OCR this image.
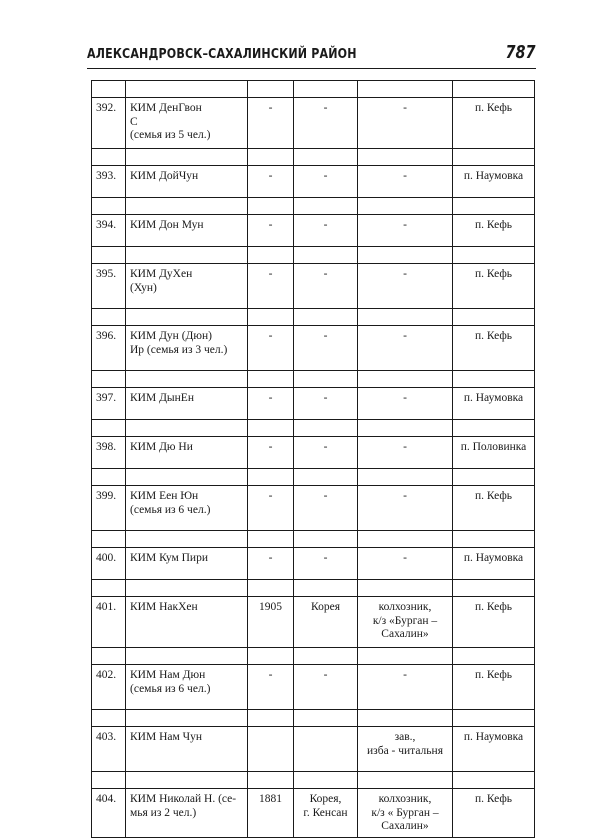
АЛЕКСАНДРОВСК–САХАЛИНСКИЙ РАЙОН	787

392.	КИМ ДенГвон
С
(семья из 5 чел.)	-	-	-	п. Кефь

393.	КИМ ДойЧун	-	-	-	п. Наумовка

394.	КИМ Дон Мун	-	-	-	п. Кефь

395.	КИМ ДуХен
(Хун)	-	-	-	п. Кефь

396.	КИМ Дун (Дюн)
Ир (семья из 3 чел.)	-	-	-	п. Кефь

397.	КИМ ДынЕн	-	-	-	п. Наумовка

398.	КИМ Дю Ни	-	-	-	п. Половинка

399.	КИМ Еен Юн
(семья из 6 чел.)	-	-	-	п. Кефь

400.	КИМ Кум Пири	-	-	-	п. Наумовка

401.	КИМ НакХен	1905	Корея	колхозник,
к/з «Бурган –
Сахалин»	п. Кефь

402.	КИМ Нам Дюн
(семья из 6 чел.)	-	-	-	п. Кефь

403.	КИМ Нам Чун			зав.,
изба - читальня	п. Наумовка

404.	КИМ Николай Н. (се-
мья из 2 чел.)	1881	Корея,
г. Кенсан	колхозник,
к/з « Бурган –
Сахалин»	п. Кефь
